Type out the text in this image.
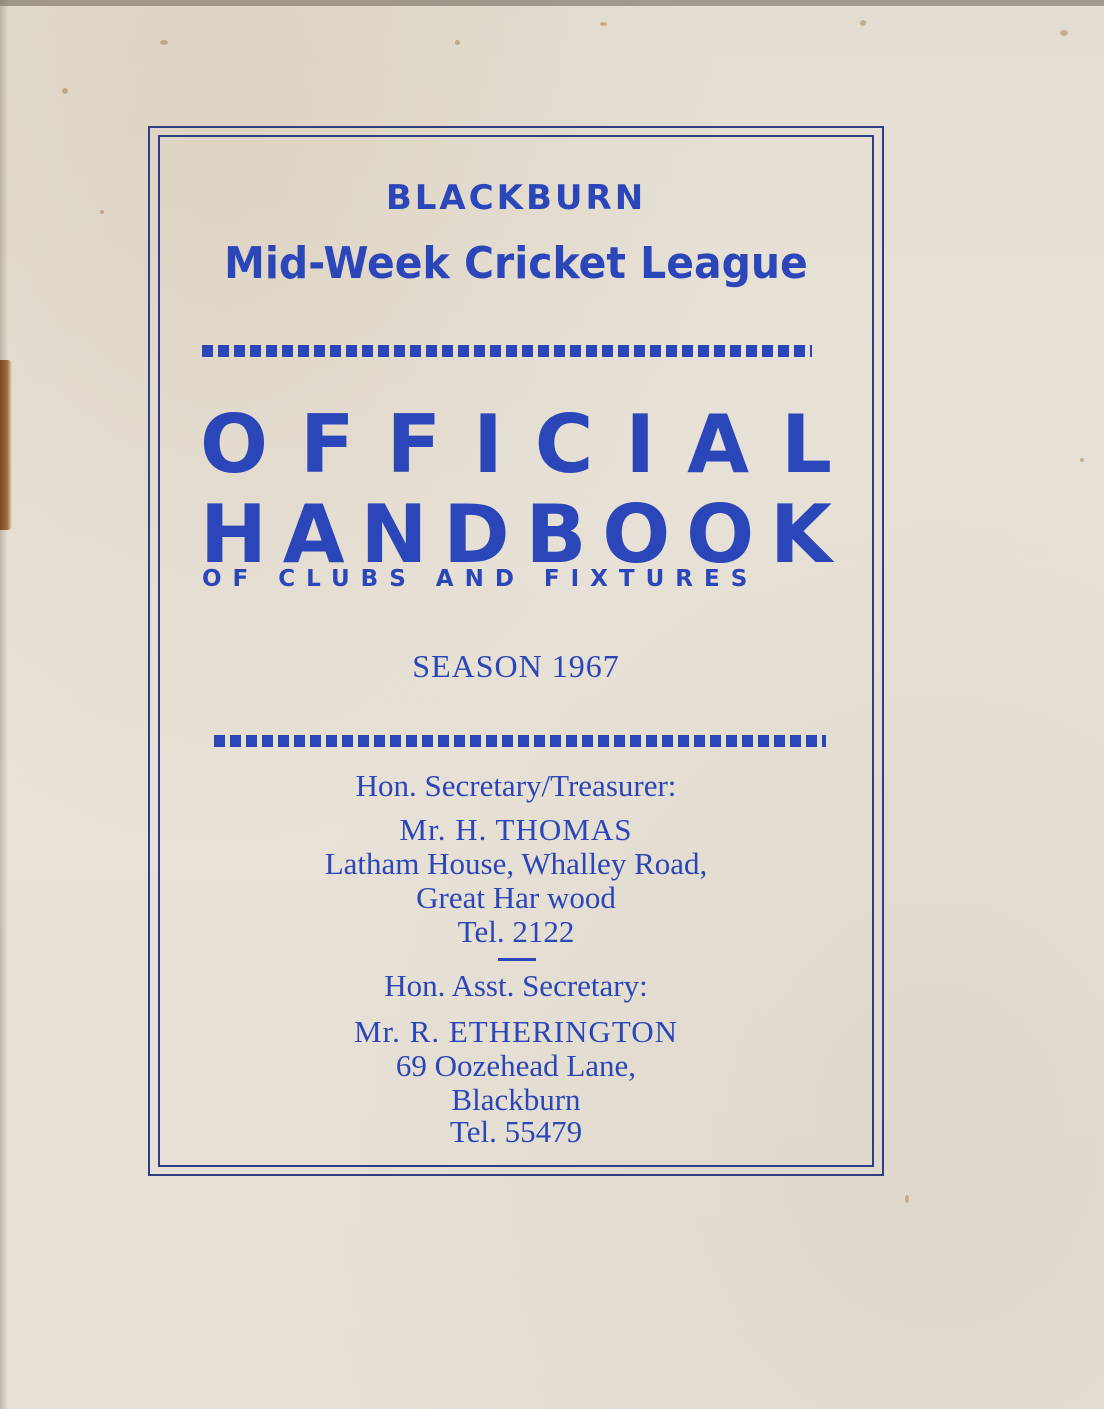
BLACKBURN
Mid-Week Cricket League
O F F I C I A L
H A N D B O O K
OF CLUBS AND FIXTURES
SEASON 1967
Hon. Secretary/Treasurer:
Mr. H. THOMAS
Latham House, Whalley Road,
Great Har wood
Tel. 2122
Hon. Asst. Secretary:
Mr. R. ETHERINGTON
69 Oozehead Lane,
Blackburn
Tel. 55479
